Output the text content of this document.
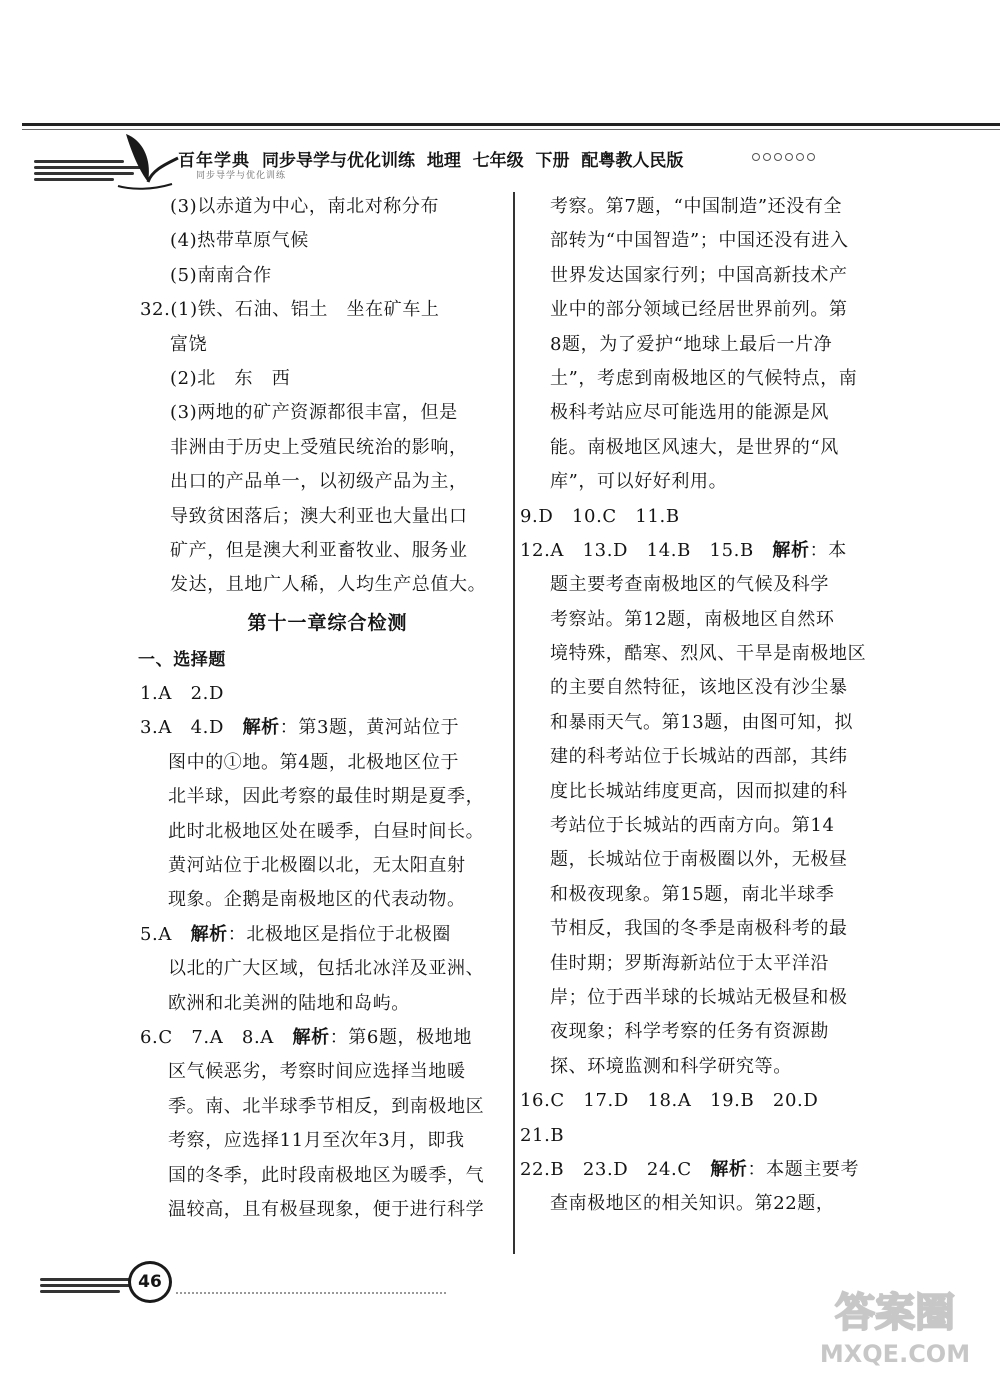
百年学典
同步导学与优化训练
同步导学与优化训练  地理  七年级  下册  配粤教人民版
(3)以赤道为中心，南北对称分布
(4)热带草原气候
(5)南南合作
32.(1)铁、石油、铝土　坐在矿车上
富饶
(2)北　东　西
(3)两地的矿产资源都很丰富，但是
非洲由于历史上受殖民统治的影响，
出口的产品单一，以初级产品为主，
导致贫困落后；澳大利亚也大量出口
矿产，但是澳大利亚畜牧业、服务业
发达，且地广人稀，人均生产总值大。
第十一章综合检测
一、选择题
1.A　2.D
3.A　4.D　解析：第3题，黄河站位于
图中的①地。第4题，北极地区位于
北半球，因此考察的最佳时期是夏季，
此时北极地区处在暖季，白昼时间长。
黄河站位于北极圈以北，无太阳直射
现象。企鹅是南极地区的代表动物。
5.A　解析：北极地区是指位于北极圈
以北的广大区域，包括北冰洋及亚洲、
欧洲和北美洲的陆地和岛屿。
6.C　7.A　8.A　解析：第6题，极地地
区气候恶劣，考察时间应选择当地暖
季。南、北半球季节相反，到南极地区
考察，应选择11月至次年3月，即我
国的冬季，此时段南极地区为暖季，气
温较高，且有极昼现象，便于进行科学
考察。第7题，“中国制造”还没有全
部转为“中国智造”；中国还没有进入
世界发达国家行列；中国高新技术产
业中的部分领域已经居世界前列。第
8题，为了爱护“地球上最后一片净
土”，考虑到南极地区的气候特点，南
极科考站应尽可能选用的能源是风
能。南极地区风速大，是世界的“风
库”，可以好好利用。
9.D　10.C　11.B
12.A　13.D　14.B　15.B　解析：本
题主要考查南极地区的气候及科学
考察站。第12题，南极地区自然环
境特殊，酷寒、烈风、干旱是南极地区
的主要自然特征，该地区没有沙尘暴
和暴雨天气。第13题，由图可知，拟
建的科考站位于长城站的西部，其纬
度比长城站纬度更高，因而拟建的科
考站位于长城站的西南方向。第14
题，长城站位于南极圈以外，无极昼
和极夜现象。第15题，南北半球季
节相反，我国的冬季是南极科考的最
佳时期；罗斯海新站位于太平洋沿
岸；位于西半球的长城站无极昼和极
夜现象；科学考察的任务有资源勘
探、环境监测和科学研究等。
16.C　17.D　18.A　19.B　20.D
21.B
22.B　23.D　24.C　解析：本题主要考
查南极地区的相关知识。第22题，
46
答案圈
MXQE.COM
